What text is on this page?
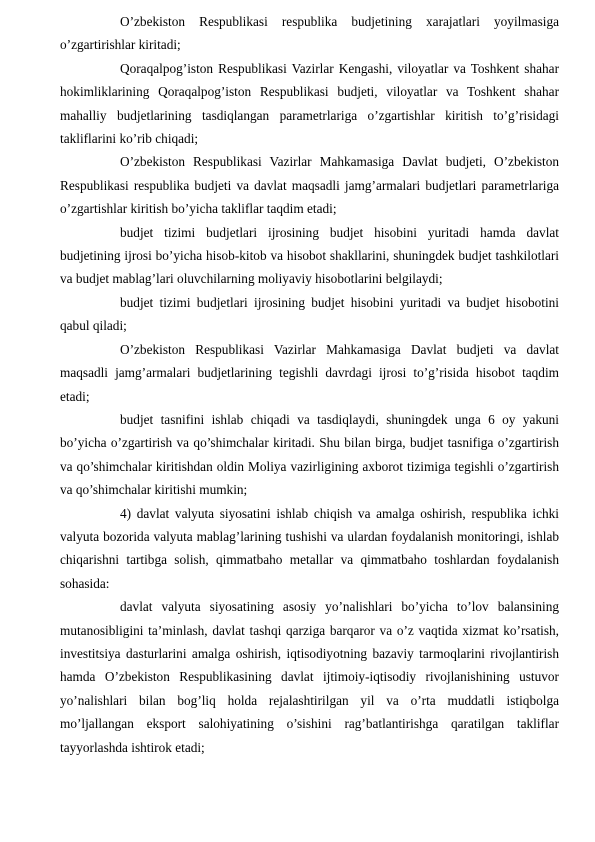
O’zbekiston Respublikasi respublika budjetining xarajatlari yoyilmasiga o’zgartirishlar kiritadi;

Qoraqalpog’iston Respublikasi Vazirlar Kengashi, viloyatlar va Toshkent shahar hokimliklarining Qoraqalpog’iston Respublikasi budjeti, viloyatlar va Toshkent shahar mahalliy budjetlarining tasdiqlangan parametrlariga o’zgartishlar kiritish to’g’risidagi takliflarini ko’rib chiqadi;

O’zbekiston Respublikasi Vazirlar Mahkamasiga Davlat budjeti, O’zbekiston Respublikasi respublika budjeti va davlat maqsadli jamg’armalari budjetlari parametrlariga o’zgartishlar kiritish bo’yicha takliflar taqdim etadi;

budjet tizimi budjetlari ijrosining budjet hisobini yuritadi hamda davlat budjetining ijrosi bo’yicha hisob-kitob va hisobot shakllarini, shuningdek budjet tashkilotlari va budjet mablag’lari oluvchilarning moliyaviy hisobotlarini belgilaydi;

budjet tizimi budjetlari ijrosining budjet hisobini yuritadi va budjet hisobotini qabul qiladi;

O’zbekiston Respublikasi Vazirlar Mahkamasiga Davlat budjeti va davlat maqsadli jamg’armalari budjetlarining tegishli davrdagi ijrosi to’g’risida hisobot taqdim etadi;

budjet tasnifini ishlab chiqadi va tasdiqlaydi, shuningdek unga 6 oy yakuni bo’yicha o’zgartirish va qo’shimchalar kiritadi. Shu bilan birga, budjet tasnifiga o’zgartirish va qo’shimchalar kiritishdan oldin Moliya vazirligining axborot tizimiga tegishli o’zgartirish va qo’shimchalar kiritishi mumkin;

4) davlat valyuta siyosatini ishlab chiqish va amalga oshirish, respublika ichki valyuta bozorida valyuta mablag’larining tushishi va ulardan foydalanish monitoringi, ishlab chiqarishni tartibga solish, qimmatbaho metallar va qimmatbaho toshlardan foydalanish sohasida:

davlat valyuta siyosatining asosiy yo’nalishlari bo’yicha to’lov balansining mutanosibligini ta’minlash, davlat tashqi qarziga barqaror va o’z vaqtida xizmat ko’rsatish, investitsiya dasturlarini amalga oshirish, iqtisodiyotning bazaviy tarmoqlarini rivojlantirish hamda O’zbekiston Respublikasining davlat ijtimoiy-iqtisodiy rivojlanishining ustuvor yo’nalishlari bilan bog’liq holda rejalashtirilgan yil va o’rta muddatli istiqbolga mo’ljallangan eksport salohiyatining o’sishini rag’batlantirishga qaratilgan takliflar tayyorlashda ishtirok etadi;
